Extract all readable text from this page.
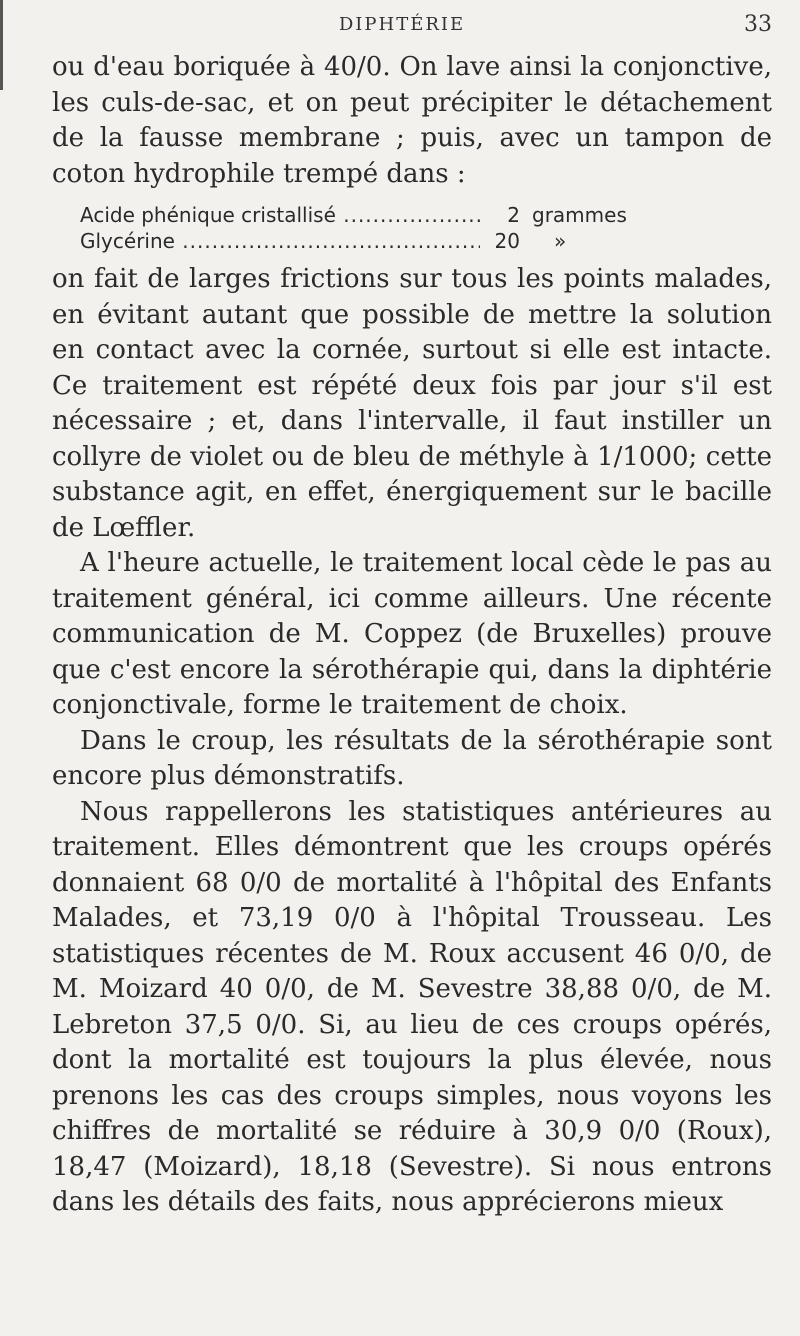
DIPHTÉRIE	33

ou d'eau boriquée à 40/0. On lave ainsi la conjonctive, les culs-de-sac, et on peut précipiter le détachement de la fausse membrane ; puis, avec un tampon de coton hydrophile trempé dans :

Acide phénique cristallisé .....	2 grammes
Glycérine .....	20	»

on fait de larges frictions sur tous les points malades, en évitant autant que possible de mettre la solution en contact avec la cornée, surtout si elle est intacte. Ce traitement est répété deux fois par jour s'il est nécessaire ; et, dans l'intervalle, il faut instiller un collyre de violet ou de bleu de méthyle à 1/1000; cette substance agit, en effet, énergiquement sur le bacille de Lœffler.

A l'heure actuelle, le traitement local cède le pas au traitement général, ici comme ailleurs. Une récente communication de M. Coppez (de Bruxelles) prouve que c'est encore la sérothérapie qui, dans la diphtérie conjonctivale, forme le traitement de choix.

Dans le croup, les résultats de la sérothérapie sont encore plus démonstratifs.

Nous rappellerons les statistiques antérieures au traitement. Elles démontrent que les croups opérés donnaient 68 0/0 de mortalité à l'hôpital des Enfants Malades, et 73,19 0/0 à l'hôpital Trousseau. Les statistiques récentes de M. Roux accusent 46 0/0, de M. Moizard 40 0/0, de M. Sevestre 38,88 0/0, de M. Lebreton 37,5 0/0. Si, au lieu de ces croups opérés, dont la mortalité est toujours la plus élevée, nous prenons les cas des croups simples, nous voyons les chiffres de mortalité se réduire à 30,9 0/0 (Roux), 18,47 (Moizard), 18,18 (Sevestre). Si nous entrons dans les détails des faits, nous apprécierons mieux
